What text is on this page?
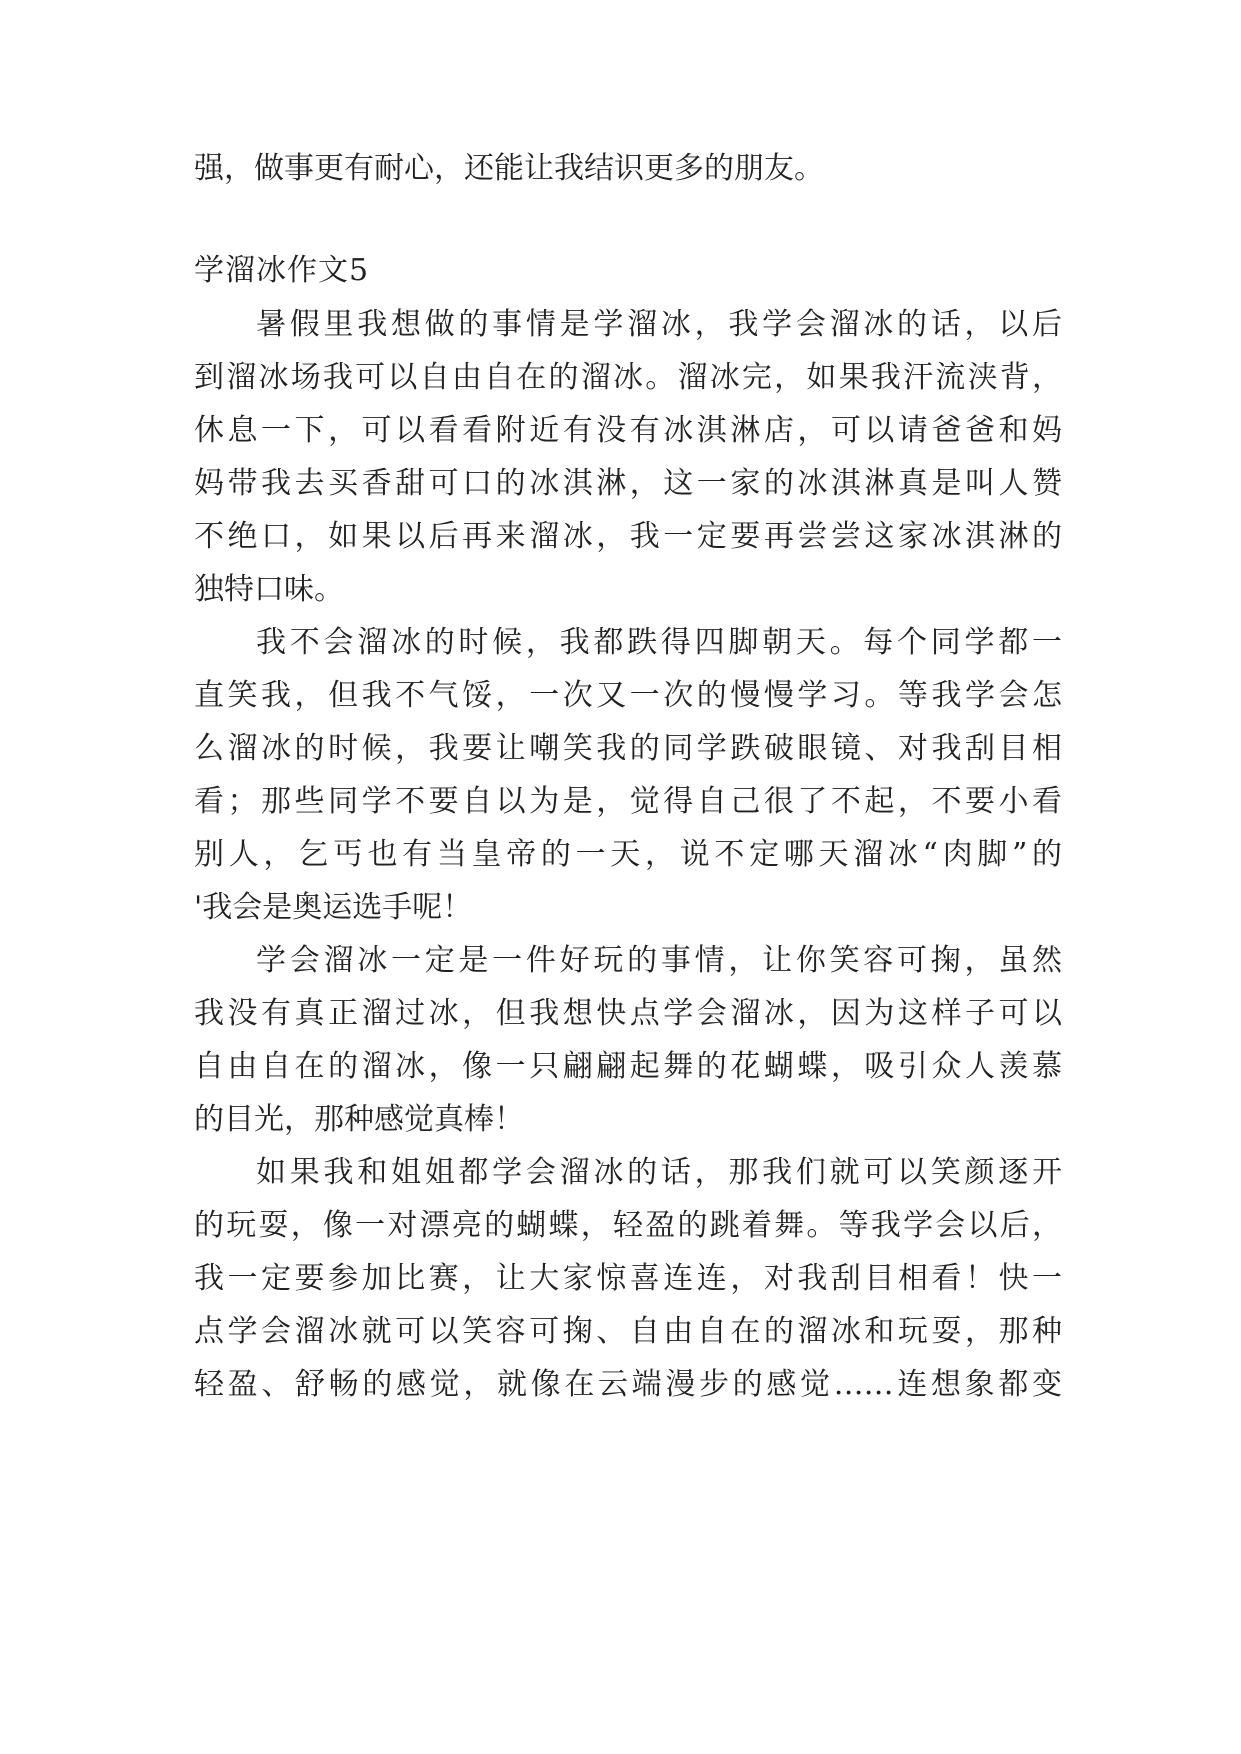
强，做事更有耐心，还能让我结识更多的朋友。
学溜冰作文5
暑假里我想做的事情是学溜冰，我学会溜冰的话，以后
到溜冰场我可以自由自在的溜冰。溜冰完，如果我汗流浃背，
休息一下，可以看看附近有没有冰淇淋店，可以请爸爸和妈
妈带我去买香甜可口的冰淇淋，这一家的冰淇淋真是叫人赞
不绝口，如果以后再来溜冰，我一定要再尝尝这家冰淇淋的
独特口味。
我不会溜冰的时候，我都跌得四脚朝天。每个同学都一
直笑我，但我不气馁，一次又一次的慢慢学习。等我学会怎
么溜冰的时候，我要让嘲笑我的同学跌破眼镜、对我刮目相
看；那些同学不要自以为是，觉得自己很了不起，不要小看
别人，乞丐也有当皇帝的一天，说不定哪天溜冰“肉脚”的
'我会是奥运选手呢！
学会溜冰一定是一件好玩的事情，让你笑容可掬，虽然
我没有真正溜过冰，但我想快点学会溜冰，因为这样子可以
自由自在的溜冰，像一只翩翩起舞的花蝴蝶，吸引众人羡慕
的目光，那种感觉真棒！
如果我和姐姐都学会溜冰的话，那我们就可以笑颜逐开
的玩耍，像一对漂亮的蝴蝶，轻盈的跳着舞。等我学会以后，
我一定要参加比赛，让大家惊喜连连，对我刮目相看！快一
点学会溜冰就可以笑容可掬、自由自在的溜冰和玩耍，那种
轻盈、舒畅的感觉，就像在云端漫步的感觉……连想象都变
